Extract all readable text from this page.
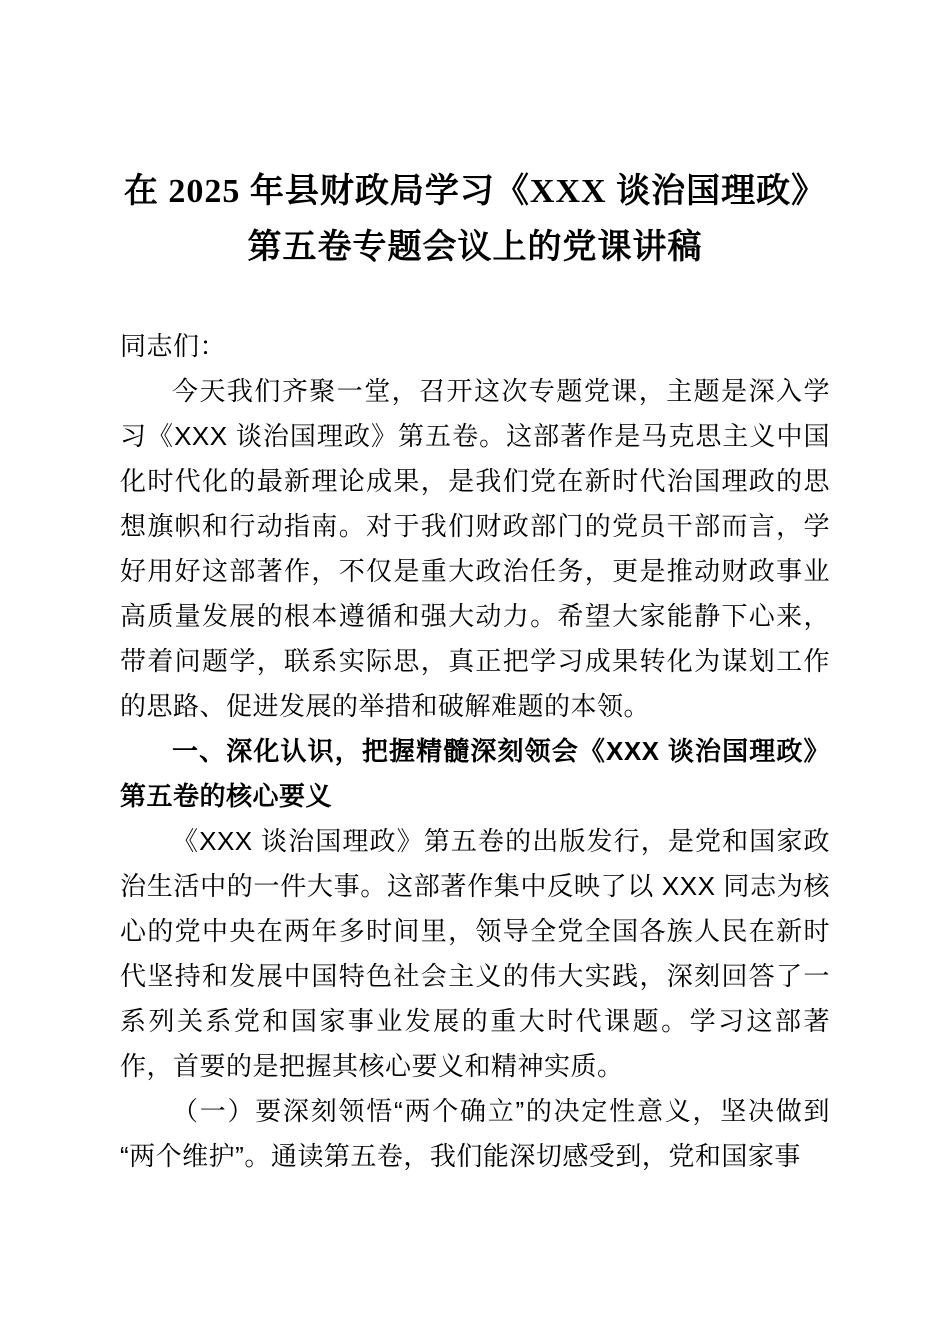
在 2025 年县财政局学习《XXX 谈治国理政》
第五卷专题会议上的党课讲稿

同志们：

今天我们齐聚一堂，召开这次专题党课，主题是深入学习《XXX 谈治国理政》第五卷。这部著作是马克思主义中国化时代化的最新理论成果，是我们党在新时代治国理政的思想旗帜和行动指南。对于我们财政部门的党员干部而言，学好用好这部著作，不仅是重大政治任务，更是推动财政事业高质量发展的根本遵循和强大动力。希望大家能静下心来，带着问题学，联系实际思，真正把学习成果转化为谋划工作的思路、促进发展的举措和破解难题的本领。

一、深化认识，把握精髓深刻领会《XXX 谈治国理政》第五卷的核心要义

《XXX 谈治国理政》第五卷的出版发行，是党和国家政治生活中的一件大事。这部著作集中反映了以 XXX 同志为核心的党中央在两年多时间里，领导全党全国各族人民在新时代坚持和发展中国特色社会主义的伟大实践，深刻回答了一系列关系党和国家事业发展的重大时代课题。学习这部著作，首要的是把握其核心要义和精神实质。

（一）要深刻领悟“两个确立”的决定性意义，坚决做到“两个维护”。通读第五卷，我们能深切感受到，党和国家事
